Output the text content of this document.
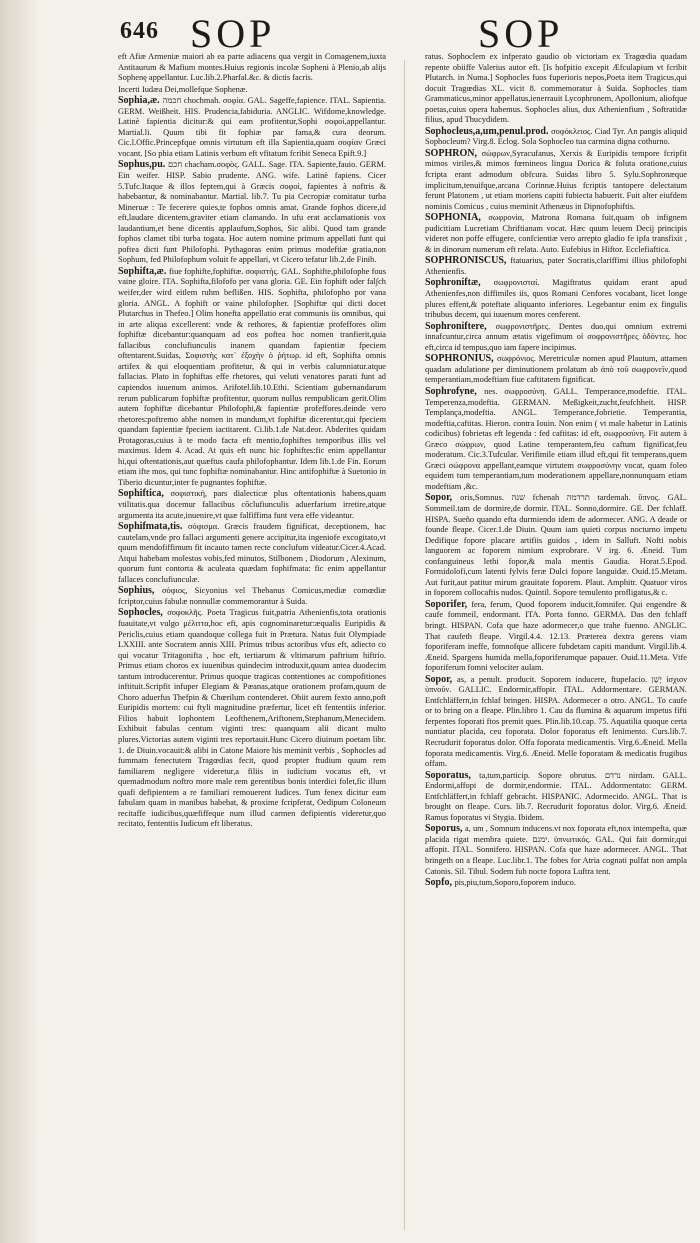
646 SOP	SOP

eft Afiæ Armeniæ maiori ab ea parte adiacens qua vergit in Comagenem,iuxta Antitaurum & Mafium montes.Huius regionis incolæ Sopheni à Plenio,ab alijs Sophenę appellantur. Luc.lib.2.Pharfal.&c. & dictis facris.

Incerti Iudæa Dei,mollefque Sophenæ.

Sophia,æ. חכמה chochmah. σοφία. GAL. Sageffe,fapience. ITAL. Sapientia. GERM. Weißheit. HIS. Prudencia,fabiduria. ANGLIC. Wifdome,knowledge. Latinè fapientia dicitur:& qui eam profitentur,Sophi σοφοὶ,appellantur. Martial.li. Quum tibi fit fophiæ par fama,& cura deorum. Cic.l.Offic.Princepfque omnis virtutum eft illa Sapientia,quam σοφίαν Græci vocant. [So phia etiam Latinis verbum eft vfitatum fcribit Seneca Epift.9.]

Sophus,pu. חכם chacham.σοφὸς. GALL. Sage. ITA. Sapiente,fauio. GERM. Ein weifer. HISP. Sabio prudente. ANG. wife. Latinè fapiens. Cicer 5.Tufc.Itaque & illos feptem,qui à Græcis σοφοὶ, fapientes à noftris & habebantur, & nominabantur. Martial. lib.7. Tu pia Cecropiæ comitatur turba Mineruæ : Te fecerere quies,te fophos omnis amat. Grande fophos dicere,id eft,laudare dicentem,graviter etiam clamando. In ufu erat acclamationis vox laudantium,et bene dicentis applaufum,Sophos, Sic alibi. Quod tam grande fophos clamet tibi turba togata. Hoc autem nomine primum appellati funt qui poftea dicti funt Philofophi. Pythagoras enim primus modeftiæ gratia,non Sophum, fed Philofophum voluit fe appellari, vt Cicero tefatur lib.2.de Finib.

Sophifta,æ. fiue fophifte,fophiftæ. σοφιστὴς. GAL. Sophifte,philofophe fous vaine gloire. ITA. Sophifta,filofofo per vana gloria. GE. Ein fophift oder fal∫ch weifer,der wird eitlem ruhm beflißen. HIS. Sophifta, philofopho por vana gloria. ANGL. A fophift or vaine philofopher. [Sophiftæ qui dicti docet Plutarchus in Thefeo.] Olim honefta appellatio erat communis iis omnibus, qui in arte aliqua excellerent: vnde & rethores, & fapientiæ profeffores olim fophiftæ dicebantur:quanquam ad eos poftea hoc nomen tranfierit,quia fallacibus conclufiunculis inanem quandam fapientiæ fpeciem oftentarent.Suidas, Σοφιστὴς κατ᾿ ἐξοχὴν ὁ ῥήτωρ. id eft, Sophifta omnis artifex & qui eloquentiam profitetur, & qui in verbis calumniatur.atque fallacias. Plato in fophiftas effe rhetores, qui veluti venatores parati funt ad capiendos iuuenum animos. Arifotel.lib.10.Ethi. Scientiam gubernandarum rerum publicarum fophiftæ profitentur, quorum nullus rempublicam gerit.Olim autem fophiftæ dicebantur Philofophi,& fapientiæ profeffores.deinde vero rhetores:poftremo abhe nomen in mundum,vt fophiftæ dicerentur,qui fpeciem quandam fapientiæ fpeciem iactitarent. Ci.lib.1.de Nat.deor. Abderites quidam Protagoras,cuius à te modo facta eft mentio,fophiftes temporibus illis vel maximus. Idem 4. Acad. At quis eft nunc hic fophiftes:fic enim appellantur hi,qui oftentationis,aut quæftus caufa philofophantur. Idem lib.1.de Fin. Eorum etiam ifte mos, qui tunc fophiftæ nominabantur. Hinc antifophiftæ à Suetonio in Tiberio dicuntur,inter fe pugnantes fophiftæ.

Sophiftica, σοφιστική, pars dialecticæ plus oftentationis habens,quam vtilitatis.qua docemur fallacibus cōclufiunculis aduerfarium irretire,atque argumenta ita acute,inuenire,vt quæ falfiffima funt vera effe videantur.

Sophifmata,tis. σόφισμα. Græcis fraudem fignificat, deceptionem, hac cautelam,vnde pro fallaci argumenti genere accipitur,ita ingeniofe excogitato,vt quum mendofiffimum fit incauto tamen recte conclufum videatur.Cicer.4.Acad. Atqui habebam molestos vobis,fed minutos, Stilbonem , Diodorum , Alexinum, quorum funt contorta & aculeata quædam fophifmata: fic enim appellantur fallaces conclufiunculæ.

Sophius, σόφιος, Sicyonius vel Thebanus Comicus,mediæ comœdiæ fcriptor,cuius fabulæ nonnullæ commemorantur à Suida.

Sophocles, σοφοκλῆς. Poeta Tragicus fuit,patria Athenienfis,tota orationis fuauitate,vt vulgo μέλιττα,hoc eft, apis cognominaretur:æqualis Euripidis & Periclis,cuius etiam quandoque collega fuit in Prætura. Natus fuit Olympiade LXXIII. ante Socratem annis XIII. Primus tribus actoribus vfus eft, adiecto co qui vocatur Tritagonifta , hoc eft, tertiarum & vltimarum paftrium hiftrio. Primus etiam choros ex iuuenibus quindecim introduxit,quum antea duodecim tantum introducerentur. Primus quoque tragicas contentiones ac compofitiones inftituit.Scripfit infuper Elegiam & Pæanas,atque orationem profam,quum de Choro aduerfus Thefpin & Chœrilum contenderet. Obiit aurem fexto anno,poft Euripidis mortem: cui ftyli magnitudine præfertur, licet eft fententiis inferior. Filios habuit Iophontem Leofthenem,Ariftonem,Stephanum,Menecidem. Exhibuit fabulas centum viginti tres: quanquam alii dicant multo plures.Victorias autem viginti tres reportauit.Hunc Cicero diuinum poetam libr. 1. de Diuin.vocauit:& alibi in Catone Maiore his meminit verbis , Sophocles ad fummam fenectutem Tragœdias fecit, quod propter ftudium quum rem familiarem negligere videretur,a filiis in iudicium vocatus eft, vt quemadmodum noftro more male rem gerentibus bonis interdici folet,fic illum quafi defipientem a re familiari remouerent Iudices. Tum fenex dicitur eam fabulam quam in manibus habebat, & proxime fcripferat, Oedipum Coloneum recitaffe iudicibus,quæfiffeque num illud carmen defipientis videretur,quo recitato, fententiis Iudicum eft liberatus.

ratus. Sophoclem ex infperato gaudio ob victoriam ex Tragœdia quadam repente obiiffe Valerius autor eft. [Is hofpitio excepit Æfculapium vt fcribit Plutarch. in Numa.] Sophocles fuos fuperioris nepos,Poeta item Tragicus,qui docuit Tragœdias XL. vicit 8. commemoratur à Suida. Sophocles tiam Grammaticus,minor appellatus,ienerrauit Lycophronem, Apollonium, aliofque poetas,cuius opera habemus. Sophocles alius, dux Athenienfium , Softratidæ filius, apud Thucydidem.

Sophocleus,a,um,penul.prod. σοφόκλειος. Ciad Tyr. An pangis aliquid Sophocleum? Virg.8. Eclog. Sola Sophocleo tua carmina digna cothurno.

SOPHRON, σώφρων,Syracufanus, Xerxis & Euripidis tempore fcripfit mimos viriles,& mimos fœmineos lingua Dorica & foluta oratione,cuius fcripta erant admodum obfcura. Suidas libro 5. Sylu.Sophronæque implicitum,tenuifque,arcana Corinnæ.Huius fcriptis tantopere delectatum ferunt Platonem , ut etiam moriens capiti fubiecta habuerit. Fuit alter eiufdem nominis Comicus , cuius meminit Athenæus in Dipnofophiftis.

SOPHONIA, σωφρονία, Matrona Romana fuit,quam ob infignem pudicitiam Lucretiam Chriftianam vocat. Hæc quum leuem Decij principis videret non poffe effugere, confcientiæ vero arrepto gladio fe ipfa transfixit , & in dinorum numerum eft relata. Auto. Eufebius in Hiftor. Ecclefiaftica.

SOPHRONISCUS, ftatuarius, pater Socratis,clariffimi illius philofophi Athenienfis.

Sophroniftæ, σωφρονισταί. Magiftratus quidam erant apud Athenienfes,non diffimiles iis, quos Romani Cenfores vocabant, licet longe plures effent,& poteftate aliquanto inferiores. Legebantur enim ex fingulis tribubus decem, qui iuuenum mores cenferent.

Sophroniftere, σωφρονιστῆρες. Dentes duo,qui omnium extremi innafcuntur,circa annum ætatis vigefimum οἱ σοφρονιστῆρες ὀδόντες. hoc eft,circa id tempus,quo iam fapere incipimus.

SOPHRONIUS, σωφρόνιος. Meretriculæ nomen apud Plautum, attamen quadam adulatione per diminutionem prolatum ab ἀπὸ τοῦ σωφρονεῖν,quod temperantiam,modeftiam fiue caftitatem fignificat.

Sophrofyne, nes. σωφροσύνη. GALL. Temperance,modeftie. ITAL. Temperenza,modeftia. GERMAN. Meßigkeit,zucht,feufchheit. HISP. Templança,modeftia. ANGL. Temperance,fobrietie. Temperantia, modeftia,caftitas. Hieron. contra Iouin. Non enim ( vt male habetur in Latinis codicibus) fobrietas eft legenda : fed caftitas: id eft, σωφροσύνη. Fit autem à Græco σώφρων, quod Latine temperantem,feu caftum fignificat,feu moderatum. Cic.3.Tufcular. Verifimile etiam illud eft,qui fit temperans,quem Græci σώφρονα appellant,eamque virtutem σωφροσύνην vocat, quam foleo equidem tum temperantiam,tum moderationem appellare,nonnunquam etiam modeftiam ,&c.

Sopor, oris,Somnus. שנה fchenah תרדמה tardemah. ὕπνος. GAL. Sommeil.tam de dormire,de dormir. ITAL. Sonno,dormire. GE. Der fchlaff. HISPA. Sueño quando efta durmiendo idem de adormecer. ANG. A deade or founde fleape. Cicer.1.de Diuin. Quum iam quieti corpus nocturno impetu Dedifique fopore placare artifiis guidos , idem in Salluft. Nofti nobis languorem ac foporem nimium exprobrare. V irg. 6. Æneid. Tum confanguineus lethi fopor,& mala mentis Gaudia. Horat.5.Epod. Formidolofi,cum latenti fylvis feræ Dulci fopore languidæ. Ouid.15.Metam. Aut furit,aut patitur mirum grauitate foporem. Plaut. Amphitr. Quatuor viros in foporem collocaftis nudos. Quintil. Sopore temulento profligatus,& c.

Soporifer, fera, ferum, Quod foporem inducit,fomnifer. Qui engendre & caufe fommeil, endormant. ITA. Porta fonno. GERMA. Das den fchlaff bringt. HISPAN. Cofa que haze adormecer,o que trahe fuenno. ANGLIC. That caufeth fleape. Virgil.4.4. 12.13. Præterea dextra gerens viam foporiferam ineffe, fomnofque allicere fubdetam capiti mandunt. Virgil.lib.4. Æneid. Spargens humida mella,foporiferumque papauer. Ouid.11.Meta. Vtfe foporiferum fomni velociter aulam.

Sopor, as, a penult. producit. Soporem inducere, ftupefacio. יָשַׁן ἰσχιον ὑπνοῦν. GALLIC. Endormir,affopir. ITAL. Addormentare. GERMAN. Entfchläffern,in fchlaf bringen. HISPA. Adormecer o otro. ANGL. To caufe or to bring on a fleape. Plin.libro 1. Cau da flumina & aquarum impetus fifti ferpentes foporati ftos premit ques. Plin.lib.10.cap. 75. Aquatilia quoque certa nuntiatur placida, ceu foporata. Dolor foporatus eft lenimento. Curs.lib.7. Recrudurit foporatus dolor. Offa foporata medicamentis. Virg.6.Æneid. Mella foporata medicamentis. Virg.6. Æneid. Melle foporatam & medicatis frugibus offam.

Soporatus, ta,tum,particip. Sopore obrutus. נרדם nirdam. GALL. Endormi,affopi de dormir,endormie. ITAL. Addormentato: GERM. Entfchläffert,in fchlaff gebracht. HISPANIC. Adormecido. ANGL. That is brought on fleape. Curs. lib.7. Recrudurit foporatus dolor. Virg.6. Æneid. Ramus foporatus vi Stygia. Ibidem.

Soporus, a, um , Somnum inducens.vt nox foporata eft,nox intempefta, quæ placida rigat membra quiete. ימנם. ὑπνωτικός. GAL. Qui fait dormir,qui affopit. ITAL. Sonnifero. HISPAN. Cofa que haze adormecer. ANGL. That bringeth on a fleape. Luc.libr.1. The fobes for Atria cognati pulfat non ampla Catonis. Sil. Tibul. Sodem fub nocte fopora Luftra tent.

Sopfo, pis,piu,tum,Soporo,foporem induco.
